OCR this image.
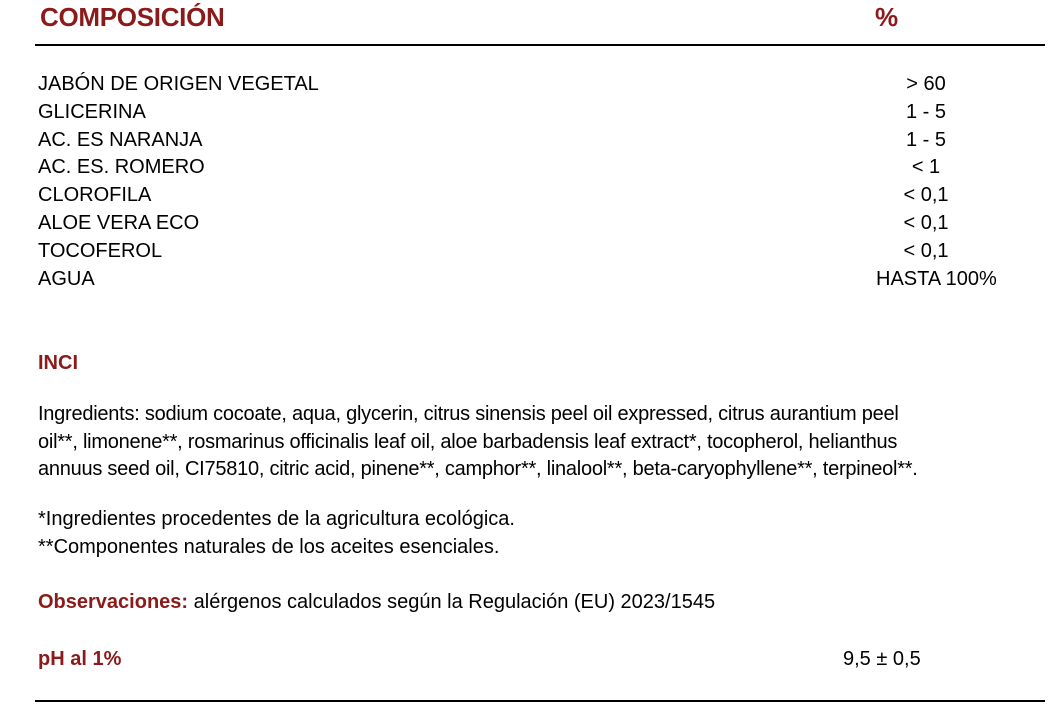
COMPOSICIÓN	%
JABÓN DE ORIGEN VEGETAL	> 60
GLICERINA	1 - 5
AC. ES NARANJA	1 - 5
AC. ES. ROMERO	< 1
CLOROFILA	< 0,1
ALOE VERA ECO	< 0,1
TOCOFEROL	< 0,1
AGUA	HASTA 100%
INCI
Ingredients: sodium cocoate, aqua, glycerin, citrus sinensis peel oil expressed, citrus aurantium peel
oil**, limonene**, rosmarinus officinalis leaf oil, aloe barbadensis leaf extract*, tocopherol, helianthus
annuus seed oil, CI75810, citric acid, pinene**, camphor**, linalool**, beta-caryophyllene**, terpineol**.
*Ingredientes procedentes de la agricultura ecológica.
**Componentes naturales de los aceites esenciales.
Observaciones: alérgenos calculados según la Regulación (EU) 2023/1545
pH al 1%	9,5 ± 0,5
